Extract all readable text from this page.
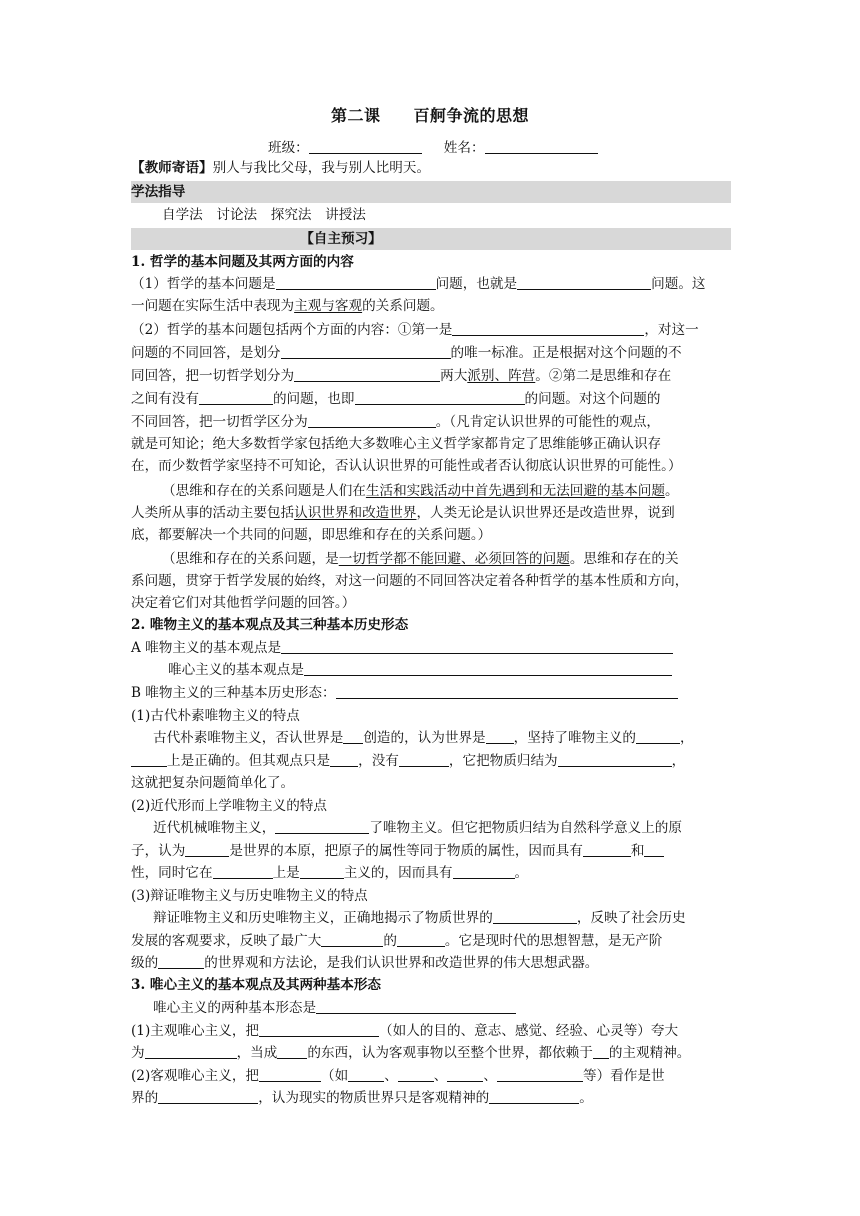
第二课　　百舸争流的思想
班级：	姓名：
【教师寄语】别人与我比父母，我与别人比明天。
学法指导
自学法　讨论法　探究法　讲授法
【自主预习】
1. 哲学的基本问题及其两方面的内容
（1）哲学的基本问题是	问题，也就是	问题。这
一问题在实际生活中表现为主观与客观的关系问题。
（2）哲学的基本问题包括两个方面的内容：①第一是	，对这一
问题的不同回答，是划分	的唯一标准。正是根据对这个问题的不
同回答，把一切哲学划分为	两大派别、阵营。②第二是思维和存在
之间有没有	的问题，也即	的问题。对这个问题的
不同回答，把一切哲学区分为	。（凡肯定认识世界的可能性的观点，
就是可知论；绝大多数哲学家包括绝大多数唯心主义哲学家都肯定了思维能够正确认识存
在，而少数哲学家坚持不可知论，否认认识世界的可能性或者否认彻底认识世界的可能性。）
（思维和存在的关系问题是人们在生活和实践活动中首先遇到和无法回避的基本问题。
人类所从事的活动主要包括认识世界和改造世界，人类无论是认识世界还是改造世界，说到
底，都要解决一个共同的问题，即思维和存在的关系问题。）
（思维和存在的关系问题，是一切哲学都不能回避、必须回答的问题。思维和存在的关
系问题，贯穿于哲学发展的始终，对这一问题的不同回答决定着各种哲学的基本性质和方向，
决定着它们对其他哲学问题的回答。）
2. 唯物主义的基本观点及其三种基本历史形态
A 唯物主义的基本观点是
唯心主义的基本观点是
B 唯物主义的三种基本历史形态：
(1)古代朴素唯物主义的特点
古代朴素唯物主义，否认世界是 创造的，认为世界是 ，坚持了唯物主义的	，
上是正确的。但其观点只是 ，没有	，它把物质归结为	，
这就把复杂问题简单化了。
(2)近代形而上学唯物主义的特点
近代机械唯物主义，	了唯物主义。但它把物质归结为自然科学意义上的原
子，认为	是世界的本原，把原子的属性等同于物质的属性，因而具有	和
性，同时它在	上是	主义的，因而具有	。
(3)辩证唯物主义与历史唯物主义的特点
辩证唯物主义和历史唯物主义，正确地揭示了物质世界的	，反映了社会历史
发展的客观要求，反映了最广大	的	。它是现时代的思想智慧，是无产阶
级的	的世界观和方法论，是我们认识世界和改造世界的伟大思想武器。
3. 唯心主义的基本观点及其两种基本形态
唯心主义的两种基本形态是
(1)主观唯心主义，把	（如人的目的、意志、感觉、经验、心灵等）夸大
为	，当成 的东西，认为客观事物以至整个世界，都依赖于 的主观精神。
(2)客观唯心主义，把	（如	、	、	、	等）看作是世
界的	，认为现实的物质世界只是客观精神的	。
